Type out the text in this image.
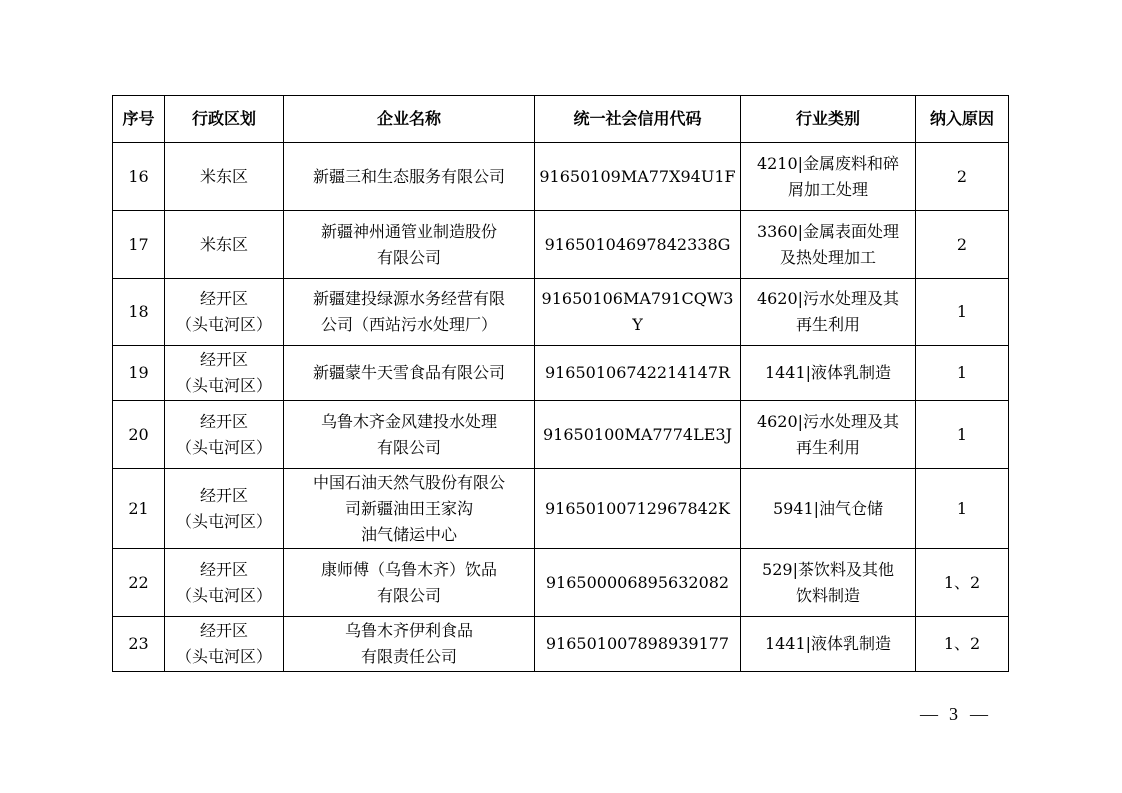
序号	行政区划	企业名称	统一社会信用代码	行业类别	纳入原因
16	米东区	新疆三和生态服务有限公司	91650109MA77X94U1F	4210|金属废料和碎
屑加工处理	2
17	米东区	新疆神州通管业制造股份
有限公司	91650104697842338G	3360|金属表面处理
及热处理加工	2
18	经开区
（头屯河区）	新疆建投绿源水务经营有限
公司（西站污水处理厂）	91650106MA791CQW3
Y	4620|污水处理及其
再生利用	1
19	经开区
（头屯河区）	新疆蒙牛天雪食品有限公司	91650106742214147R	1441|液体乳制造	1
20	经开区
（头屯河区）	乌鲁木齐金风建投水处理
有限公司	91650100MA7774LE3J	4620|污水处理及其
再生利用	1
21	经开区
（头屯河区）	中国石油天然气股份有限公
司新疆油田王家沟
油气储运中心	91650100712967842K	5941|油气仓储	1
22	经开区
（头屯河区）	康师傅（乌鲁木齐）饮品
有限公司	916500006895632082	529|茶饮料及其他
饮料制造	1、2
23	经开区
（头屯河区）	乌鲁木齐伊利食品
有限责任公司	916501007898939177	1441|液体乳制造	1、2
— 3 —
